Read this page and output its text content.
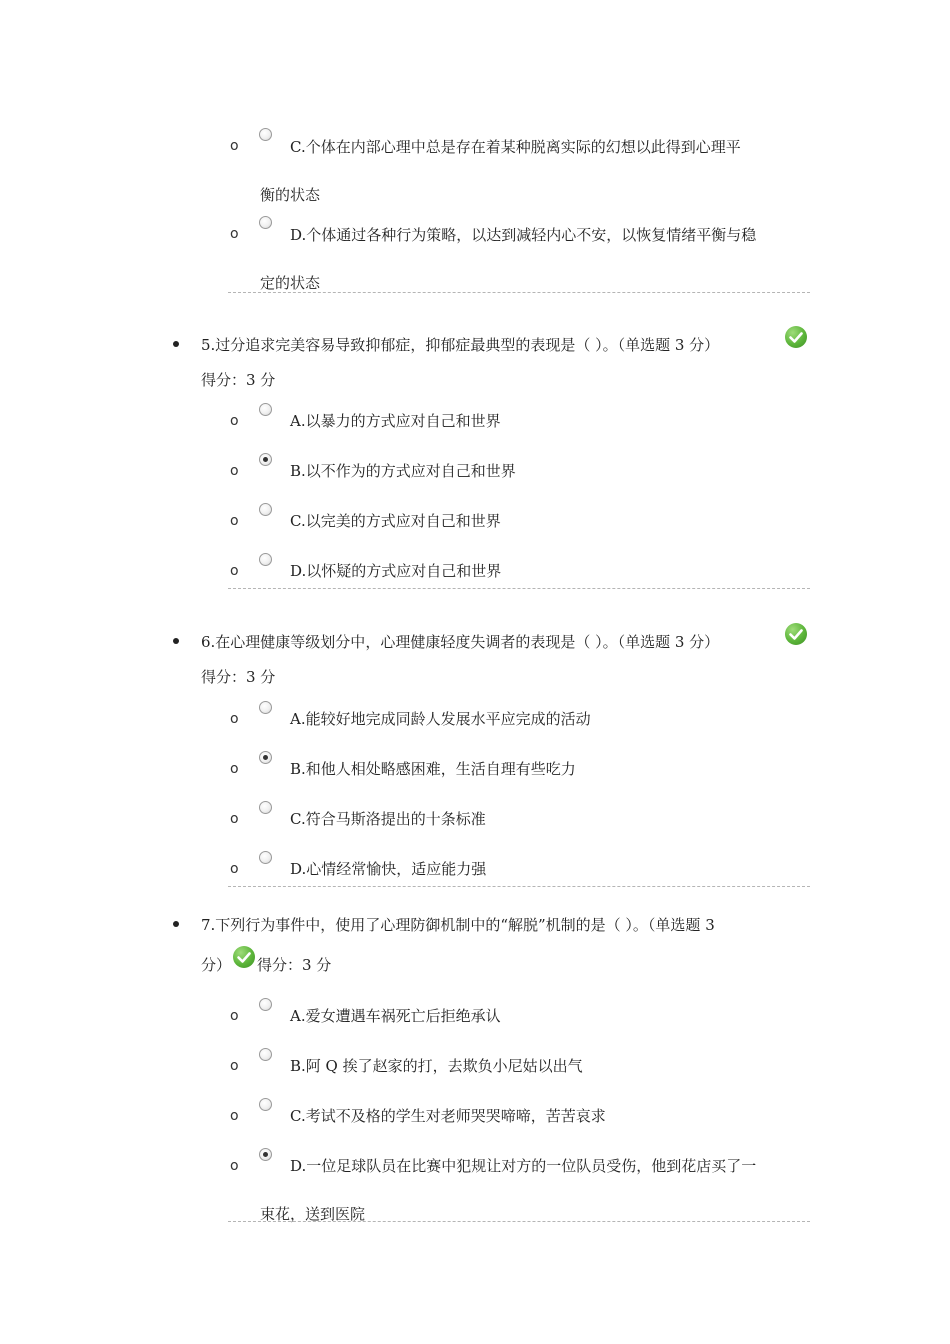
o	C.个体在内部心理中总是存在着某种脱离实际的幻想以此得到心理平
衡的状态
o	D.个体通过各种行为策略，以达到减轻内心不安，以恢复情绪平衡与稳
定的状态
5.过分追求完美容易导致抑郁症，抑郁症最典型的表现是（ ）。（单选题 3 分）
得分：3 分
o	A.以暴力的方式应对自己和世界
o	B.以不作为的方式应对自己和世界
o	C.以完美的方式应对自己和世界
o	D.以怀疑的方式应对自己和世界
6.在心理健康等级划分中，心理健康轻度失调者的表现是（ ）。（单选题 3 分）
得分：3 分
o	A.能较好地完成同龄人发展水平应完成的活动
o	B.和他人相处略感困难，生活自理有些吃力
o	C.符合马斯洛提出的十条标准
o	D.心情经常愉快，适应能力强
7.下列行为事件中，使用了心理防御机制中的“解脱”机制的是（ ）。（单选题 3
分） 得分：3 分
o	A.爱女遭遇车祸死亡后拒绝承认
o	B.阿 Q 挨了赵家的打，去欺负小尼姑以出气
o	C.考试不及格的学生对老师哭哭啼啼，苦苦哀求
o	D.一位足球队员在比赛中犯规让对方的一位队员受伤，他到花店买了一
束花，送到医院
